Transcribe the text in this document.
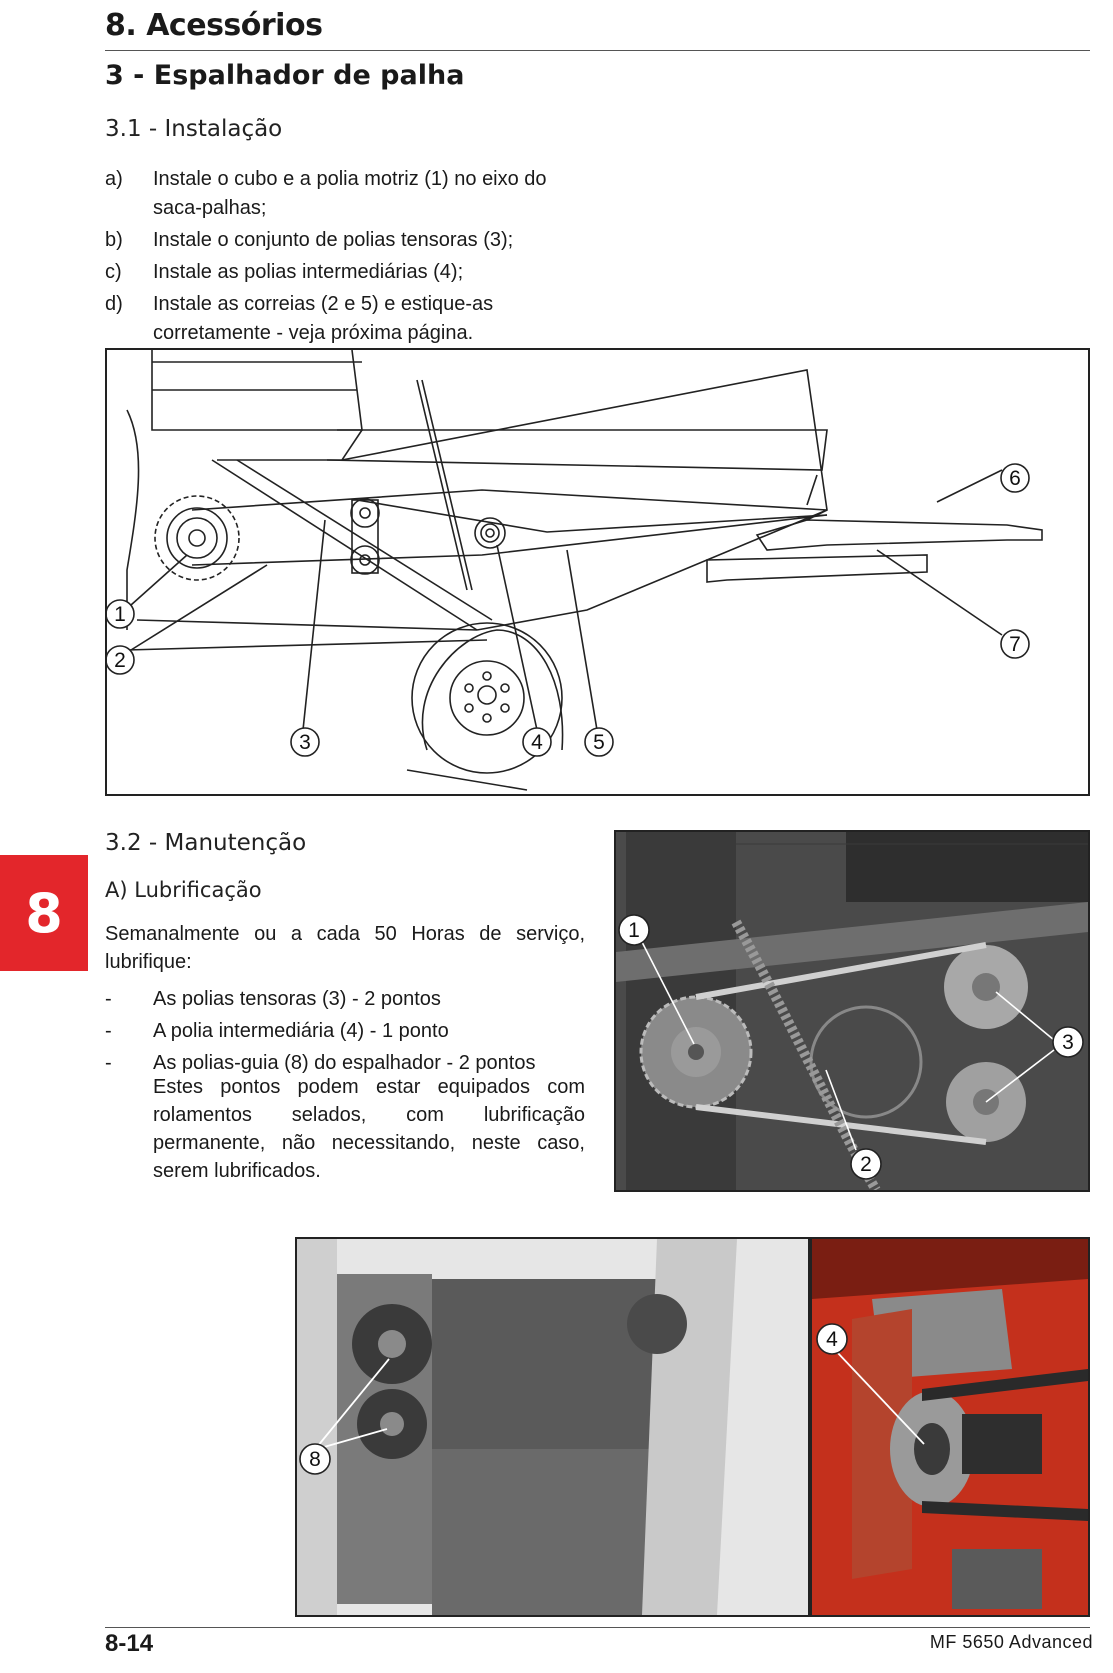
8. Acessórios
3 - Espalhador de palha
3.1 - Instalação
a) Instale o cubo e a polia motriz (1) no eixo do saca-palhas;
b) Instale o conjunto de polias tensoras (3);
c) Instale as polias intermediárias (4);
d) Instale as correias (2 e 5) e estique-as corretamente - veja próxima página.
1
2
3	4 5
6
7
3.2 - Manutenção
A) Lubrificação
Semanalmente ou a cada 50 Horas de serviço, lubrifique:
- As polias tensoras (3) - 2 pontos
- A polia intermediária (4) - 1 ponto
- As polias-guia (8) do espalhador - 2 pontos
Estes pontos podem estar equipados com rolamentos selados, com lubrificação permanente, não necessitando, neste caso, serem lubrificados.
1
2
3
8
4
8
8-14	MF 5650 Advanced
